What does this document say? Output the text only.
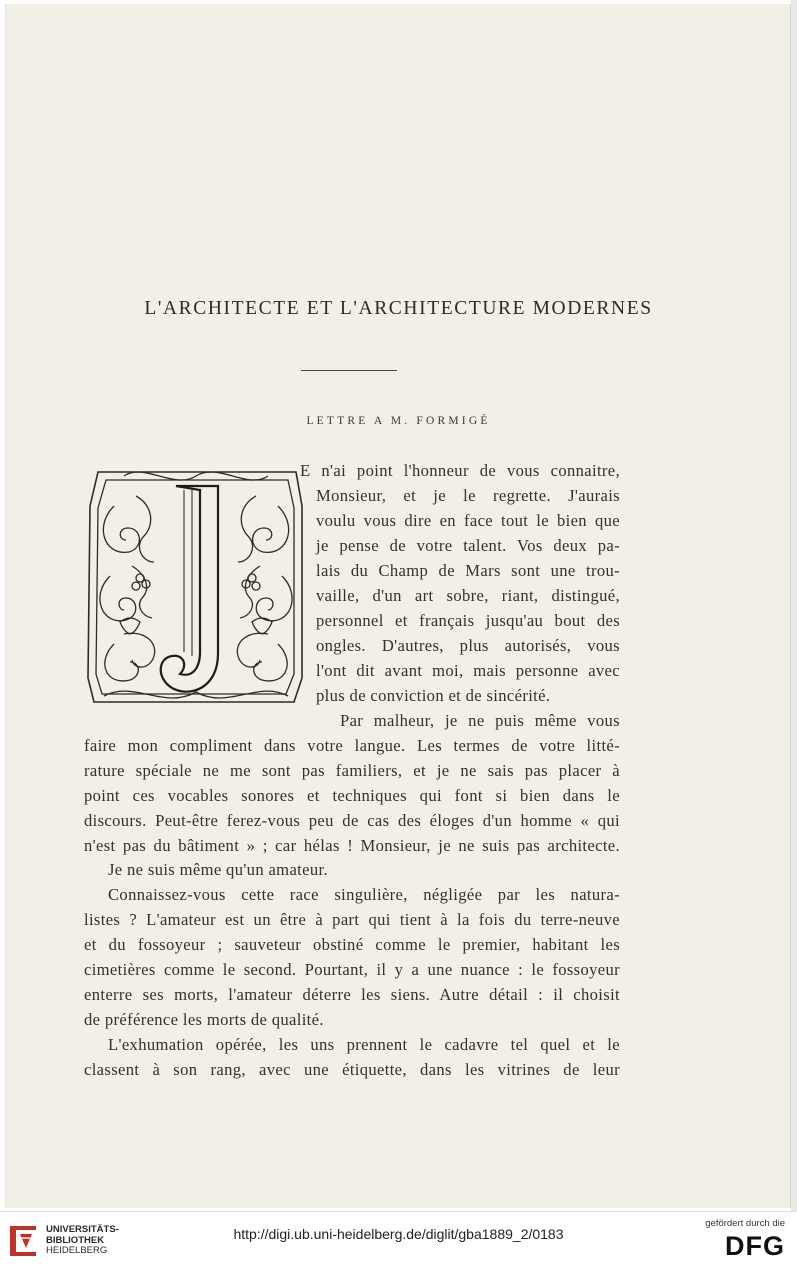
L'ARCHITECTE ET L'ARCHITECTURE MODERNES
LETTRE A M. FORMIGÉ
E n'ai point l'honneur de vous connaitre,
Monsieur, et je le regrette. J'aurais
voulu vous dire en face tout le bien que
je pense de votre talent. Vos deux pa-
lais du Champ de Mars sont une trou-
vaille, d'un art sobre, riant, distingué,
personnel et français jusqu'au bout des
ongles. D'autres, plus autorisés, vous
l'ont dit avant moi, mais personne avec
plus de conviction et de sincérité.
Par malheur, je ne puis même vous
faire mon compliment dans votre langue. Les termes de votre litté-
rature spéciale ne me sont pas familiers, et je ne sais pas placer à
point ces vocables sonores et techniques qui font si bien dans le
discours. Peut-être ferez-vous peu de cas des éloges d'un homme « qui
n'est pas du bâtiment » ; car hélas ! Monsieur, je ne suis pas architecte.
Je ne suis même qu'un amateur.
Connaissez-vous cette race singulière, négligée par les natura-
listes ? L'amateur est un être à part qui tient à la fois du terre-neuve
et du fossoyeur ; sauveteur obstiné comme le premier, habitant les
cimetières comme le second. Pourtant, il y a une nuance : le fossoyeur
enterre ses morts, l'amateur déterre les siens. Autre détail : il choisit
de préférence les morts de qualité.
L'exhumation opérée, les uns prennent le cadavre tel quel et le
classent à son rang, avec une étiquette, dans les vitrines de leur
UNIVERSITÄTS-
BIBLIOTHEK
HEIDELBERG
http://digi.ub.uni-heidelberg.de/diglit/gba1889_2/0183
gefördert durch die
DFG
